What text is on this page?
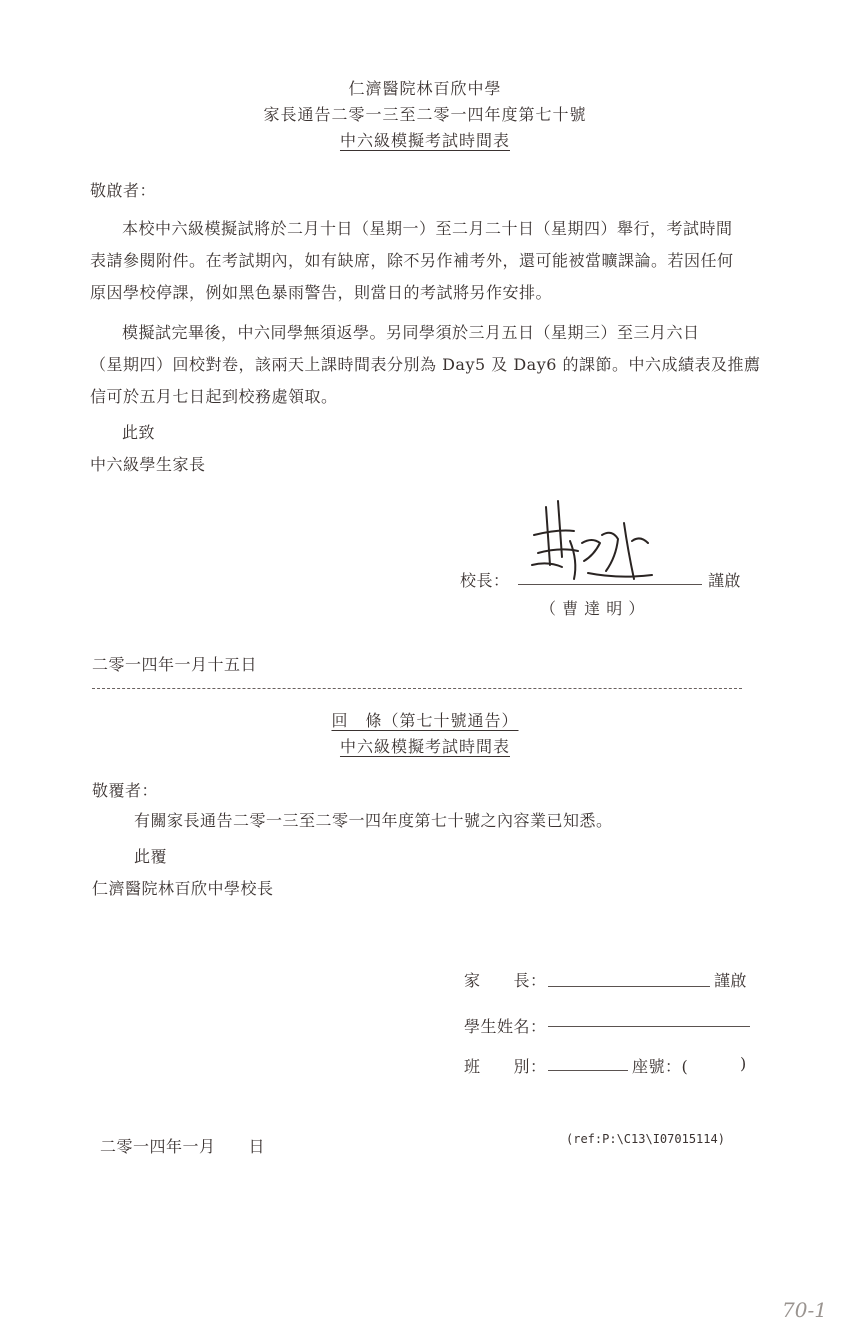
仁濟醫院林百欣中學
家長通告二零一三至二零一四年度第七十號
中六級模擬考試時間表
敬啟者：
本校中六級模擬試將於二月十日（星期一）至二月二十日（星期四）舉行，考試時間
表請參閱附件。在考試期內，如有缺席，除不另作補考外，還可能被當曠課論。若因任何
原因學校停課，例如黑色暴雨警告，則當日的考試將另作安排。
模擬試完畢後，中六同學無須返學。另同學須於三月五日（星期三）至三月六日
（星期四）回校對卷，該兩天上課時間表分別為 Day5 及 Day6 的課節。中六成績表及推薦
信可於五月七日起到校務處領取。
此致
中六級學生家長
校長：	謹啟
（ 曹 達 明 ）
二零一四年一月十五日
回　條（第七十號通告）
中六級模擬考試時間表
敬覆者：
有關家長通告二零一三至二零一四年度第七十號之內容業已知悉。
此覆
仁濟醫院林百欣中學校長
家　　長：	謹啟
學生姓名：
班　　別：	座號：(	)
二零一四年一月　　日	(ref:P:\C13\I07015114)
70-1
